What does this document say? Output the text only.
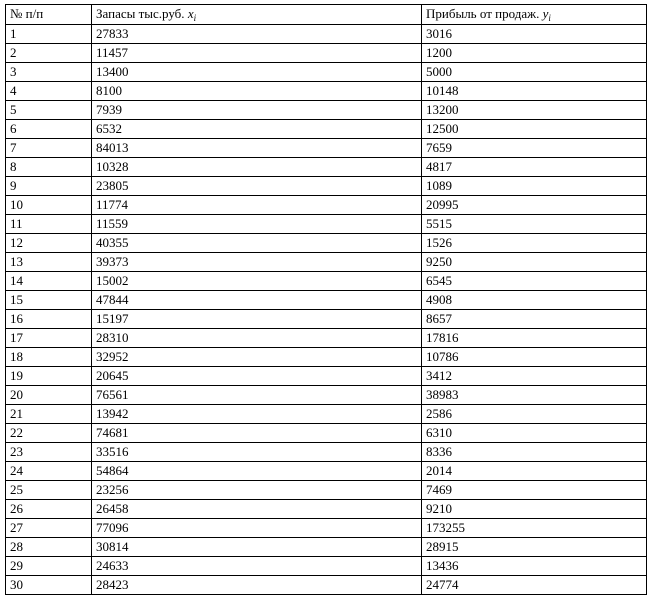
№ п/п	Запасы тыс.руб. $x_i$	Прибыль от продаж. $y_i$
1	27833	3016
2	11457	1200
3	13400	5000
4	8100	10148
5	7939	13200
6	6532	12500
7	84013	7659
8	10328	4817
9	23805	1089
10	11774	20995
11	11559	5515
12	40355	1526
13	39373	9250
14	15002	6545
15	47844	4908
16	15197	8657
17	28310	17816
18	32952	10786
19	20645	3412
20	76561	38983
21	13942	2586
22	74681	6310
23	33516	8336
24	54864	2014
25	23256	7469
26	26458	9210
27	77096	173255
28	30814	28915
29	24633	13436
30	28423	24774
